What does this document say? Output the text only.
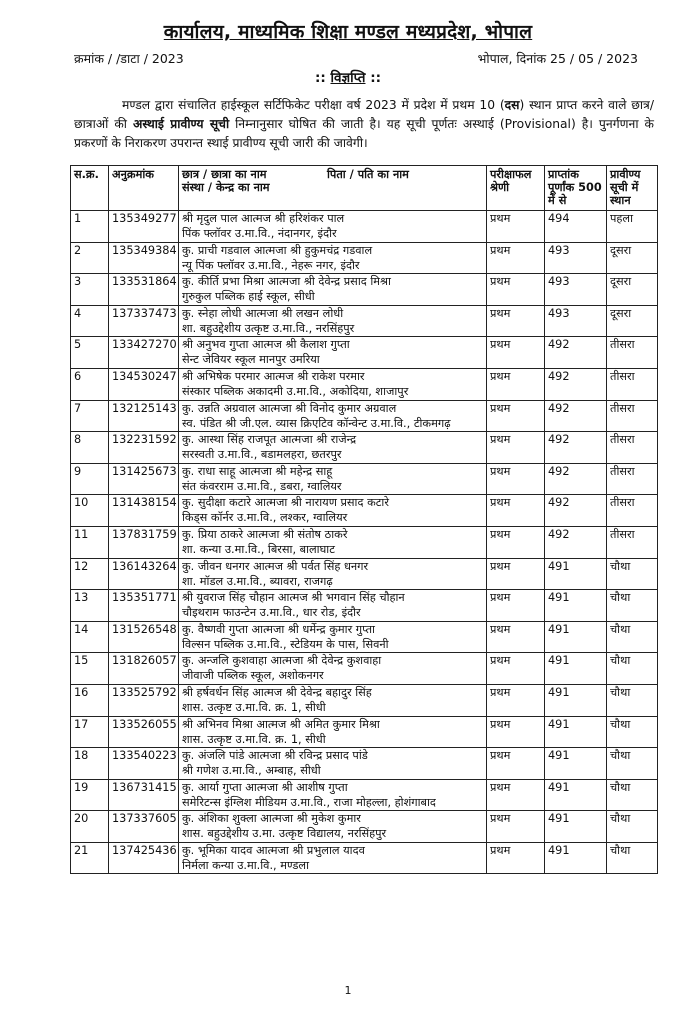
कार्यालय, माध्यमिक शिक्षा मण्डल मध्यप्रदेश, भोपाल
क्रमांक / /डाटा / 2023	भोपाल, दिनांक 25 / 05 / 2023
:: विज्ञप्ति ::

मण्डल द्वारा संचालित हाईस्कूल सर्टिफिकेट परीक्षा वर्ष 2023 में प्रदेश में प्रथम 10 (दस) स्थान प्राप्त करने वाले छात्र/ छात्राओं की अस्थाई प्रावीण्य सूची निम्नानुसार घोषित की जाती है। यह सूची पूर्णतः अस्थाई (Provisional) है। पुनर्गणना के प्रकरणों के निराकरण उपरान्त स्थाई प्रावीण्य सूची जारी की जावेगी।

स.क्र.	अनुक्रमांक	छात्र / छात्रा का नाम पिता / पति का नाम
संस्था / केन्द्र का नाम	परीक्षाफल श्रेणी	प्राप्तांक पूर्णांक 500 में से	प्रावीण्य सूची में स्थान
1	135349277	श्री मृदुल पाल आत्मज श्री हरिशंकर पाल
पिंक फ्लॉवर उ.मा.वि., नंदानगर, इंदौर	प्रथम	494	पहला
2	135349384	कु. प्राची गडवाल आत्मजा श्री हुकुमचंद्र गडवाल
न्यू पिंक फ्लॉवर उ.मा.वि., नेहरू नगर, इंदौर	प्रथम	493	दूसरा
3	133531864	कु. कीर्ति प्रभा मिश्रा आत्मजा श्री देवेन्द्र प्रसाद मिश्रा
गुरुकुल पब्लिक हाई स्कूल, सीधी	प्रथम	493	दूसरा
4	137337473	कु. स्नेहा लोधी आत्मजा श्री लखन लोधी
शा. बहुउद्देशीय उत्कृष्ट उ.मा.वि., नरसिंहपुर	प्रथम	493	दूसरा
5	133427270	श्री अनुभव गुप्ता आत्मज श्री कैलाश गुप्ता
सेन्ट जेवियर स्कूल मानपुर उमरिया	प्रथम	492	तीसरा
6	134530247	श्री अभिषेक परमार आत्मज श्री राकेश परमार
संस्कार पब्लिक अकादमी उ.मा.वि., अकोदिया, शाजापुर	प्रथम	492	तीसरा
7	132125143	कु. उन्नति अग्रवाल आत्मजा श्री विनोद कुमार अग्रवाल
स्व. पंडित श्री जी.एल. व्यास क्रिएटिव कॉन्वेन्ट उ.मा.वि., टीकमगढ़	प्रथम	492	तीसरा
8	132231592	कु. आस्था सिंह राजपूत आत्मजा श्री राजेन्द्र
सरस्वती उ.मा.वि., बडामलहरा, छतरपुर	प्रथम	492	तीसरा
9	131425673	कु. राधा साहू आत्मजा श्री महेन्द्र साहू
संत कंवरराम उ.मा.वि., डबरा, ग्वालियर	प्रथम	492	तीसरा
10	131438154	कु. सुदीक्षा कटारे आत्मजा श्री नारायण प्रसाद कटारे
किड्स कॉर्नर उ.मा.वि., लश्कर, ग्वालियर	प्रथम	492	तीसरा
11	137831759	कु. प्रिया ठाकरे आत्मजा श्री संतोष ठाकरे
शा. कन्या उ.मा.वि., बिरसा, बालाघाट	प्रथम	492	तीसरा
12	136143264	कु. जीवन धनगर आत्मज श्री पर्वत सिंह धनगर
शा. मॉडल उ.मा.वि., ब्यावरा, राजगढ़	प्रथम	491	चौथा
13	135351771	श्री युवराज सिंह चौहान आत्मज श्री भगवान सिंह चौहान
चौइथराम फाउन्टेन उ.मा.वि., धार रोड, इंदौर	प्रथम	491	चौथा
14	131526548	कु. वैष्णवी गुप्ता आत्मजा श्री धर्मेन्द्र कुमार गुप्ता
विल्सन पब्लिक उ.मा.वि., स्टेडियम के पास, सिवनी	प्रथम	491	चौथा
15	131826057	कु. अन्जलि कुशवाहा आत्मजा श्री देवेन्द्र कुशवाहा
जीवाजी पब्लिक स्कूल, अशोकनगर	प्रथम	491	चौथा
16	133525792	श्री हर्षवर्धन सिंह आत्मज श्री देवेन्द्र बहादुर सिंह
शास. उत्कृष्ट उ.मा.वि. क्र. 1, सीधी	प्रथम	491	चौथा
17	133526055	श्री अभिनव मिश्रा आत्मज श्री अमित कुमार मिश्रा
शास. उत्कृष्ट उ.मा.वि. क्र. 1, सीधी	प्रथम	491	चौथा
18	133540223	कु. अंजलि पांडे आत्मजा श्री रविन्द्र प्रसाद पांडे
श्री गणेश उ.मा.वि., अम्बाह, सीधी	प्रथम	491	चौथा
19	136731415	कु. आर्या गुप्ता आत्मजा श्री आशीष गुप्ता
समेरिटन्स इंग्लिश मीडियम उ.मा.वि., राजा मोहल्ला, होशंगाबाद	प्रथम	491	चौथा
20	137337605	कु. अंशिका शुक्ला आत्मजा श्री मुकेश कुमार
शास. बहुउद्देशीय उ.मा. उत्कृष्ट विद्यालय, नरसिंहपुर	प्रथम	491	चौथा
21	137425436	कु. भूमिका यादव आत्मजा श्री प्रभुलाल यादव
निर्मला कन्या उ.मा.वि., मण्डला	प्रथम	491	चौथा
1
